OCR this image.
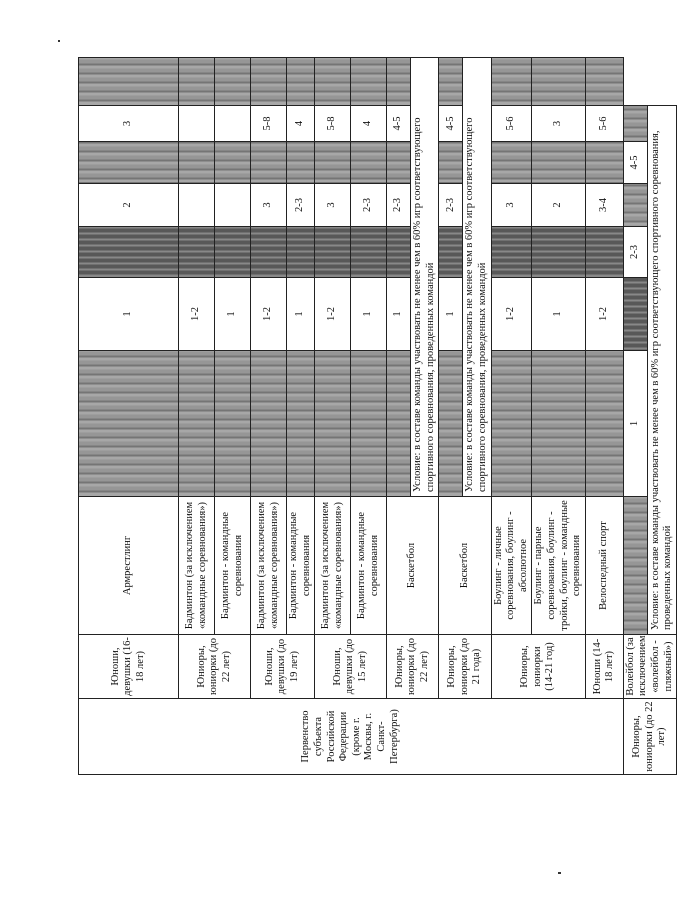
Первенство субъекта Российской Федерации (кроме г. Москвы, г. Санкт-Петербурга)	Юноши, девушки (16-18 лет)	Армрестлинг		1		2		3	
	Юниоры, юниорки (до 22 лет)	Бадминтон (за исключением «командные соревнования»)		1-2					
		Бадминтон - командные соревнования		1					
	Юноши, девушки (до 19 лет)	Бадминтон (за исключением «командные соревнования»)		1-2		3		5-8	
		Бадминтон - командные соревнования		1		2-3		4	
	Юноши, девушки (до 15 лет)	Бадминтон (за исключением «командные соревнования»)		1-2		3		5-8	
		Бадминтон - командные соревнования		1		2-3		4	
	Юниоры, юниорки (до 22 лет)	Баскетбол		1		2-3		4-5	
			Условие: в составе команды участвовать не менее чем в 60% игр соответствующего спортивного соревнования, проведенных командой						
	Юниоры, юниорки (до 21 года)	Баскетбол		1		2-3		4-5	
			Условие: в составе команды участвовать не менее чем в 60% игр соответствующего спортивного соревнования, проведенных командой						
	Юниоры, юниорки (14-21 год)	Боулинг - личные соревнования, боулинг - абсолютное		1-2		3		5-6	
		Боулинг - парные соревнования, боулинг - тройки, боулинг - командные соревнования		1		2		3	
	Юноши (14-18 лет)	Велоспедный спорт		1-2		3-4		5-6	
Юниоры, юниорки (до 22 лет)	Волейбол (за исключением «волейбол - пляжный»)		1		2-3		4-5		
		Условие: в составе команды участвовать не менее чем в 60% игр соответствующего спортивного соревнования, проведенных командой							
